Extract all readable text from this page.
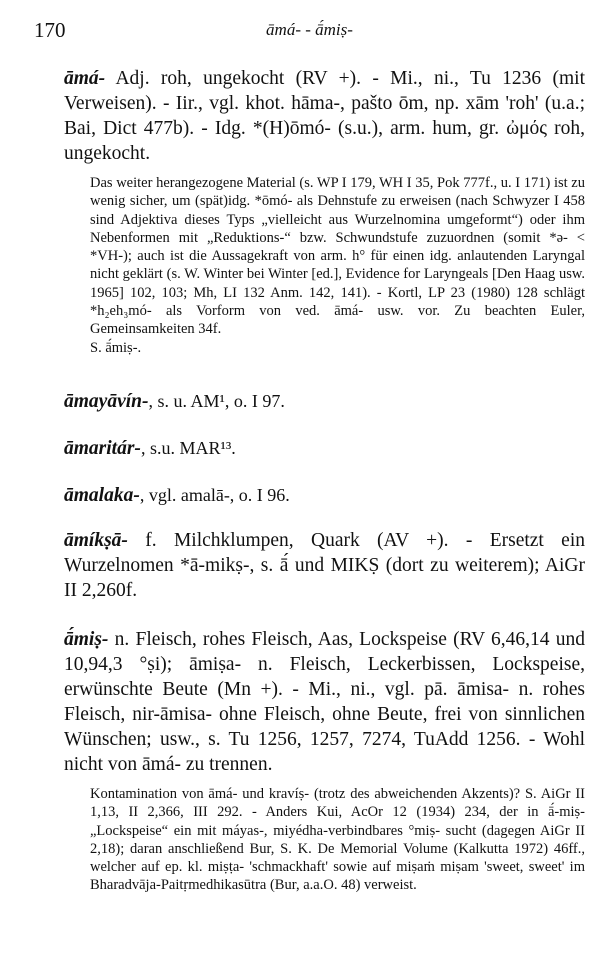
170	āmá- - ā́miṣ-

āmá- Adj. roh, ungekocht (RV +). - Mi., ni., Tu 1236 (mit Verweisen). - Iir., vgl. khot. hāma-, pašto ōm, np. xām 'roh' (u.a.; Bai, Dict 477b). - Idg. *(H)ōmó- (s.u.), arm. hum, gr. ὠμός roh, ungekocht.

Das weiter herangezogene Material (s. WP I 179, WH I 35, Pok 777f., u. I 171) ist zu wenig sicher, um (spät)idg. *ōmó- als Dehnstufe zu erweisen (nach Schwyzer I 458 sind Adjektiva dieses Typs „vielleicht aus Wurzelnomina umgeformt“) oder ihm Nebenformen mit „Reduktions-“ bzw. Schwundstufe zuzuordnen (somit *ə- < *VH-); auch ist die Aussagekraft von arm. h° für einen idg. anlautenden Laryngal nicht geklärt (s. W. Winter bei Winter [ed.], Evidence for Laryngeals [Den Haag usw. 1965] 102, 103; Mh, LI 132 Anm. 142, 141). - Kortl, LP 23 (1980) 128 schlägt *h₂eh₃mó- als Vorform von ved. āmá- usw. vor. Zu beachten Euler, Gemeinsamkeiten 34f.

S. ā́miṣ-.

āmayāvín-, s. u. AM¹, o. I 97.

āmaritár-, s.u. MAR¹³.

āmalaka-, vgl. amalā-, o. I 96.

āmíkṣā- f. Milchklumpen, Quark (AV +). - Ersetzt ein Wurzelnomen *ā-mikṣ-, s. ā́ und MIKṢ (dort zu weiterem); AiGr II 2,260f.

ā́miṣ- n. Fleisch, rohes Fleisch, Aas, Lockspeise (RV 6,46,14 und 10,94,3 °ṣi); āmiṣa- n. Fleisch, Leckerbissen, Lockspeise, erwünschte Beute (Mn +). - Mi., ni., vgl. pā. āmisa- n. rohes Fleisch, nir-āmisa- ohne Fleisch, ohne Beute, frei von sinnlichen Wünschen; usw., s. Tu 1256, 1257, 7274, TuAdd 1256. - Wohl nicht von āmá- zu trennen.

Kontamination von āmá- und kravíṣ- (trotz des abweichenden Akzents)? S. AiGr II 1,13, II 2,366, III 292. - Anders Kui, AcOr 12 (1934) 234, der in ā́-miṣ- „Lockspeise“ ein mit máyas-, miyédha-verbindbares °miṣ- sucht (dagegen AiGr II 2,18); daran anschließend Bur, S. K. De Memorial Volume (Kalkutta 1972) 46ff., welcher auf ep. kl. miṣṭa- 'schmackhaft' sowie auf miṣaṁ miṣam 'sweet, sweet' im Bharadvāja-Paitṛmedhikasūtra (Bur, a.a.O. 48) verweist.
